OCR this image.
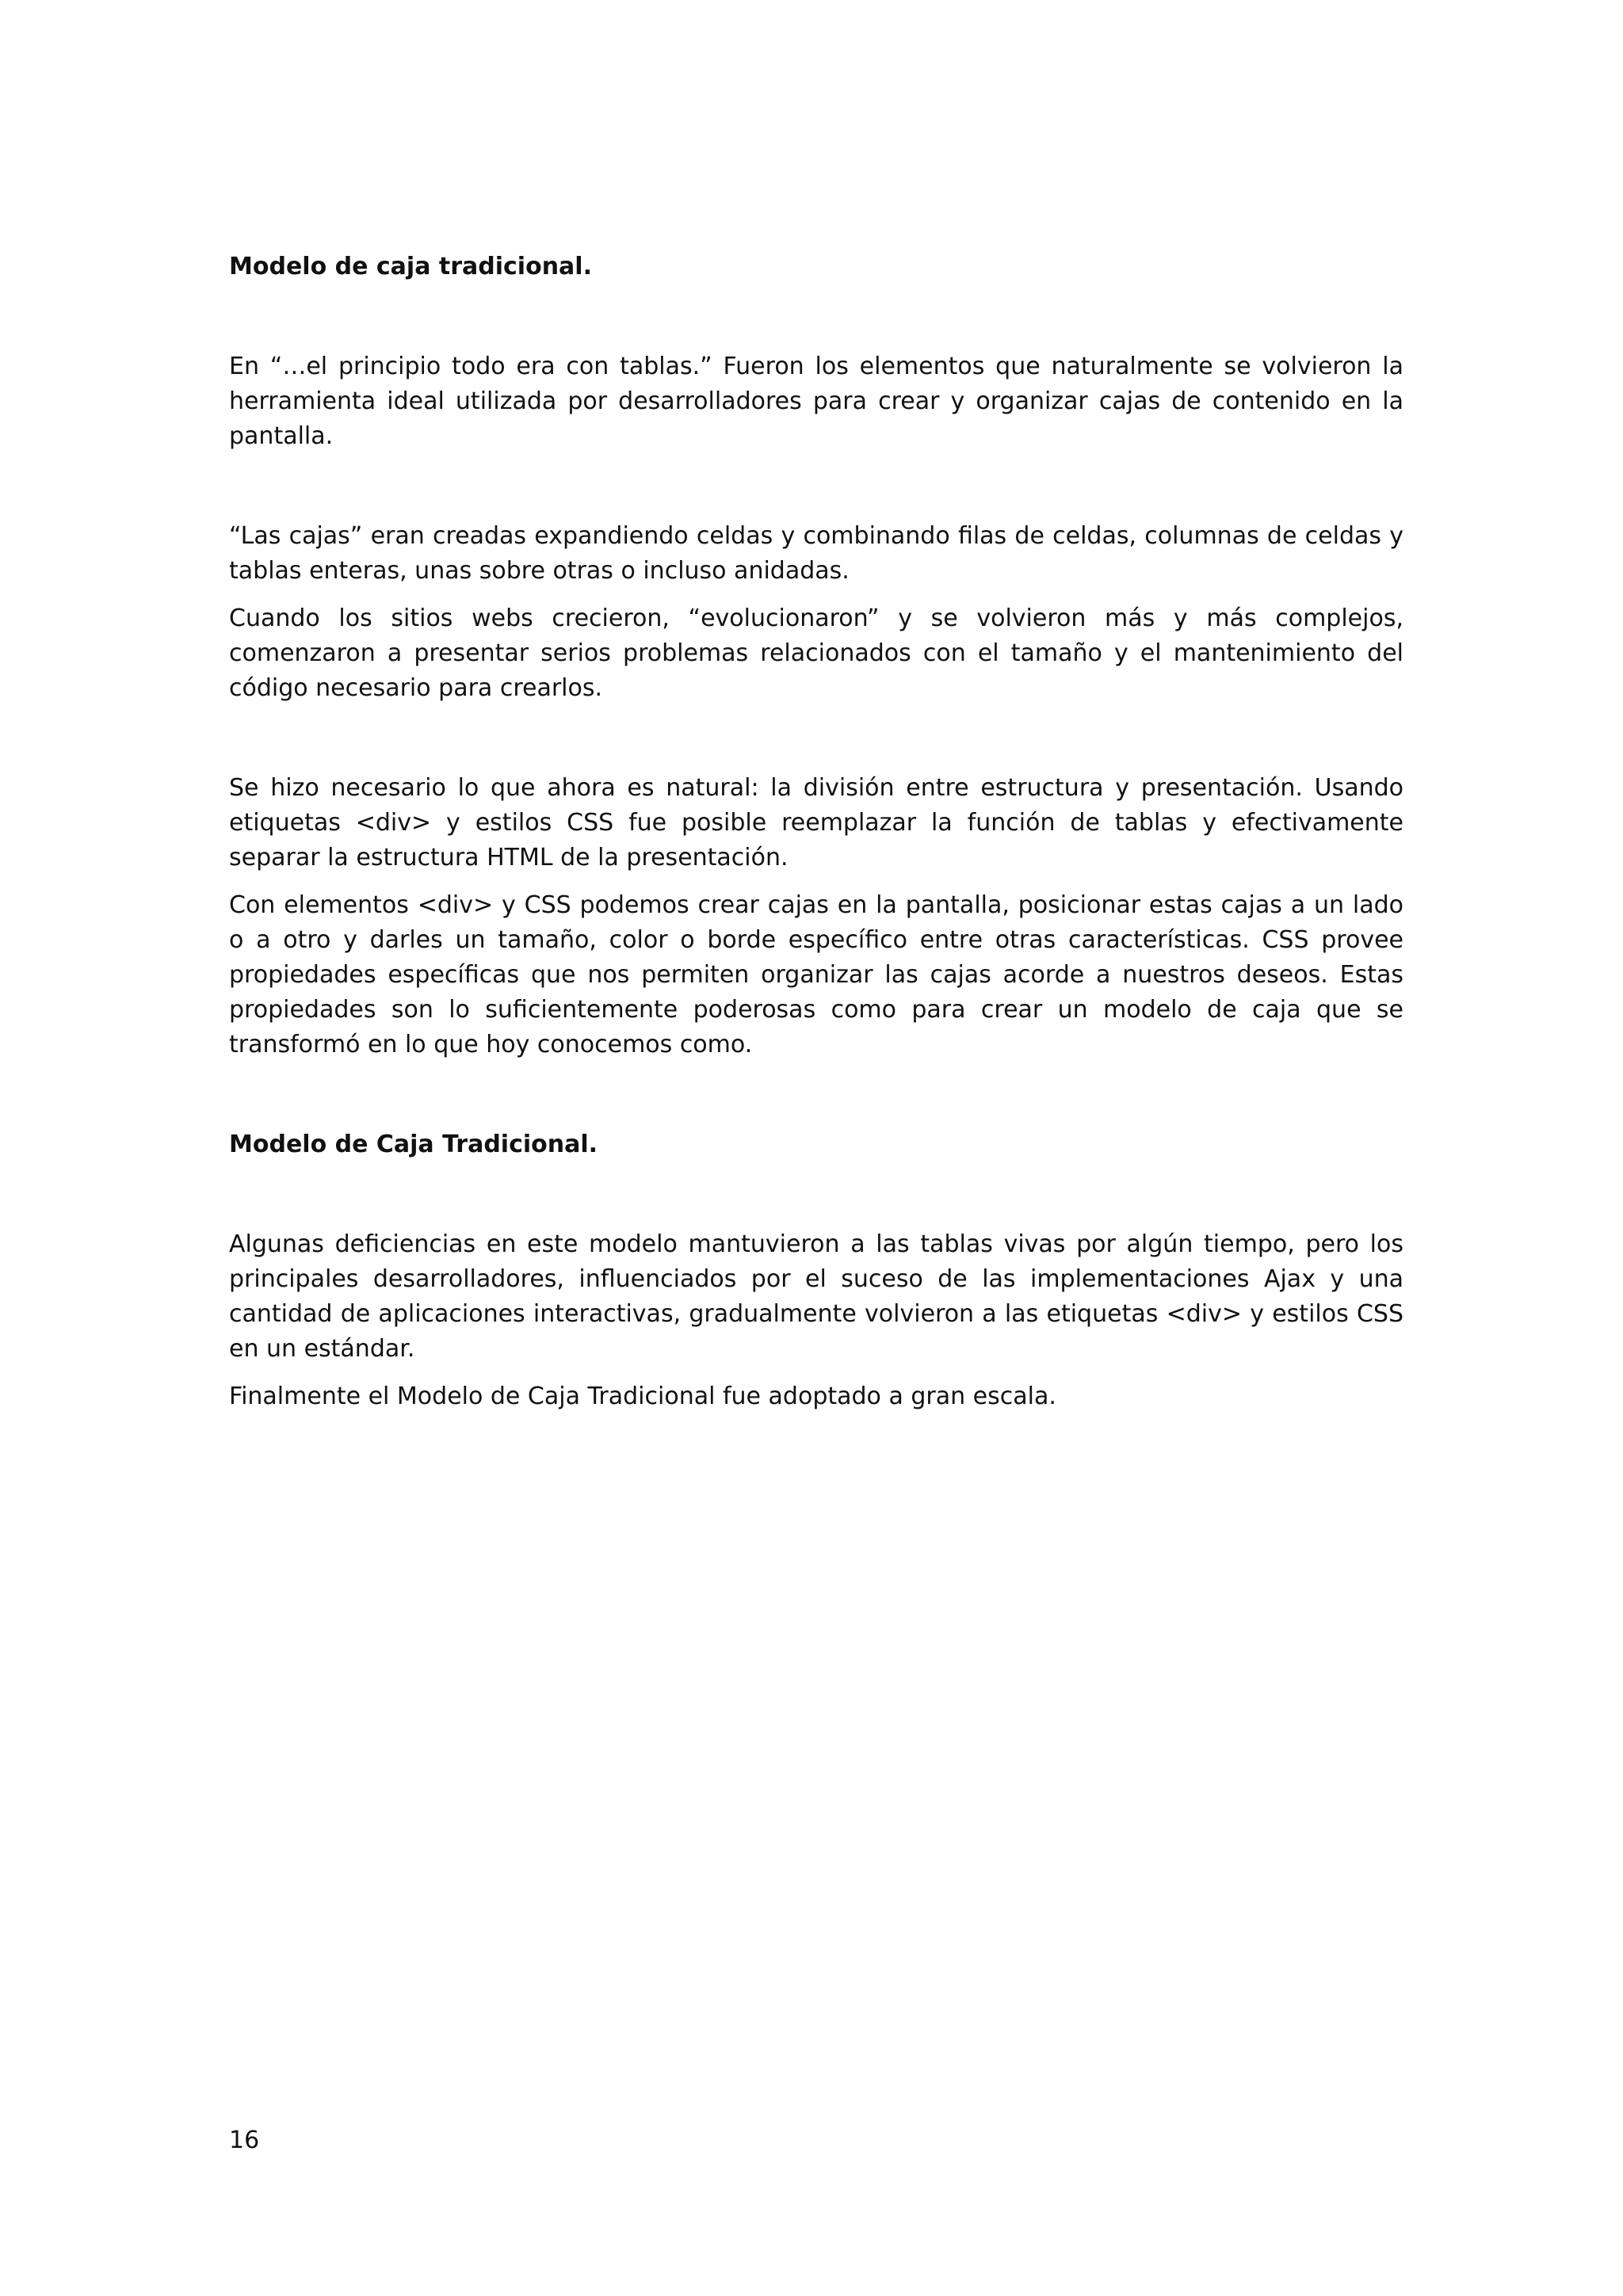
Modelo de caja tradicional.

En “…el principio todo era con tablas.” Fueron los elementos que naturalmente se volvieron la herramienta ideal utilizada por desarrolladores para crear y organizar cajas de contenido en la pantalla.

“Las cajas” eran creadas expandiendo celdas y combinando filas de celdas, columnas de celdas y tablas enteras, unas sobre otras o incluso anidadas.

Cuando los sitios webs crecieron, “evolucionaron” y se volvieron más y más complejos, comenzaron a presentar serios problemas relacionados con el tamaño y el mantenimiento del código necesario para crearlos.

Se hizo necesario lo que ahora es natural: la división entre estructura y presentación. Usando etiquetas <div> y estilos CSS fue posible reemplazar la función de tablas y efectivamente separar la estructura HTML de la presentación.

Con elementos <div> y CSS podemos crear cajas en la pantalla, posicionar estas cajas a un lado o a otro y darles un tamaño, color o borde específico entre otras características. CSS provee propiedades específicas que nos permiten organizar las cajas acorde a nuestros deseos. Estas propiedades son lo suficientemente poderosas como para crear un modelo de caja que se transformó en lo que hoy conocemos como.

Modelo de Caja Tradicional.

Algunas deficiencias en este modelo mantuvieron a las tablas vivas por algún tiempo, pero los principales desarrolladores, influenciados por el suceso de las implementaciones Ajax y una cantidad de aplicaciones interactivas, gradualmente volvieron a las etiquetas <div> y estilos CSS en un estándar.

Finalmente el Modelo de Caja Tradicional fue adoptado a gran escala.

16
